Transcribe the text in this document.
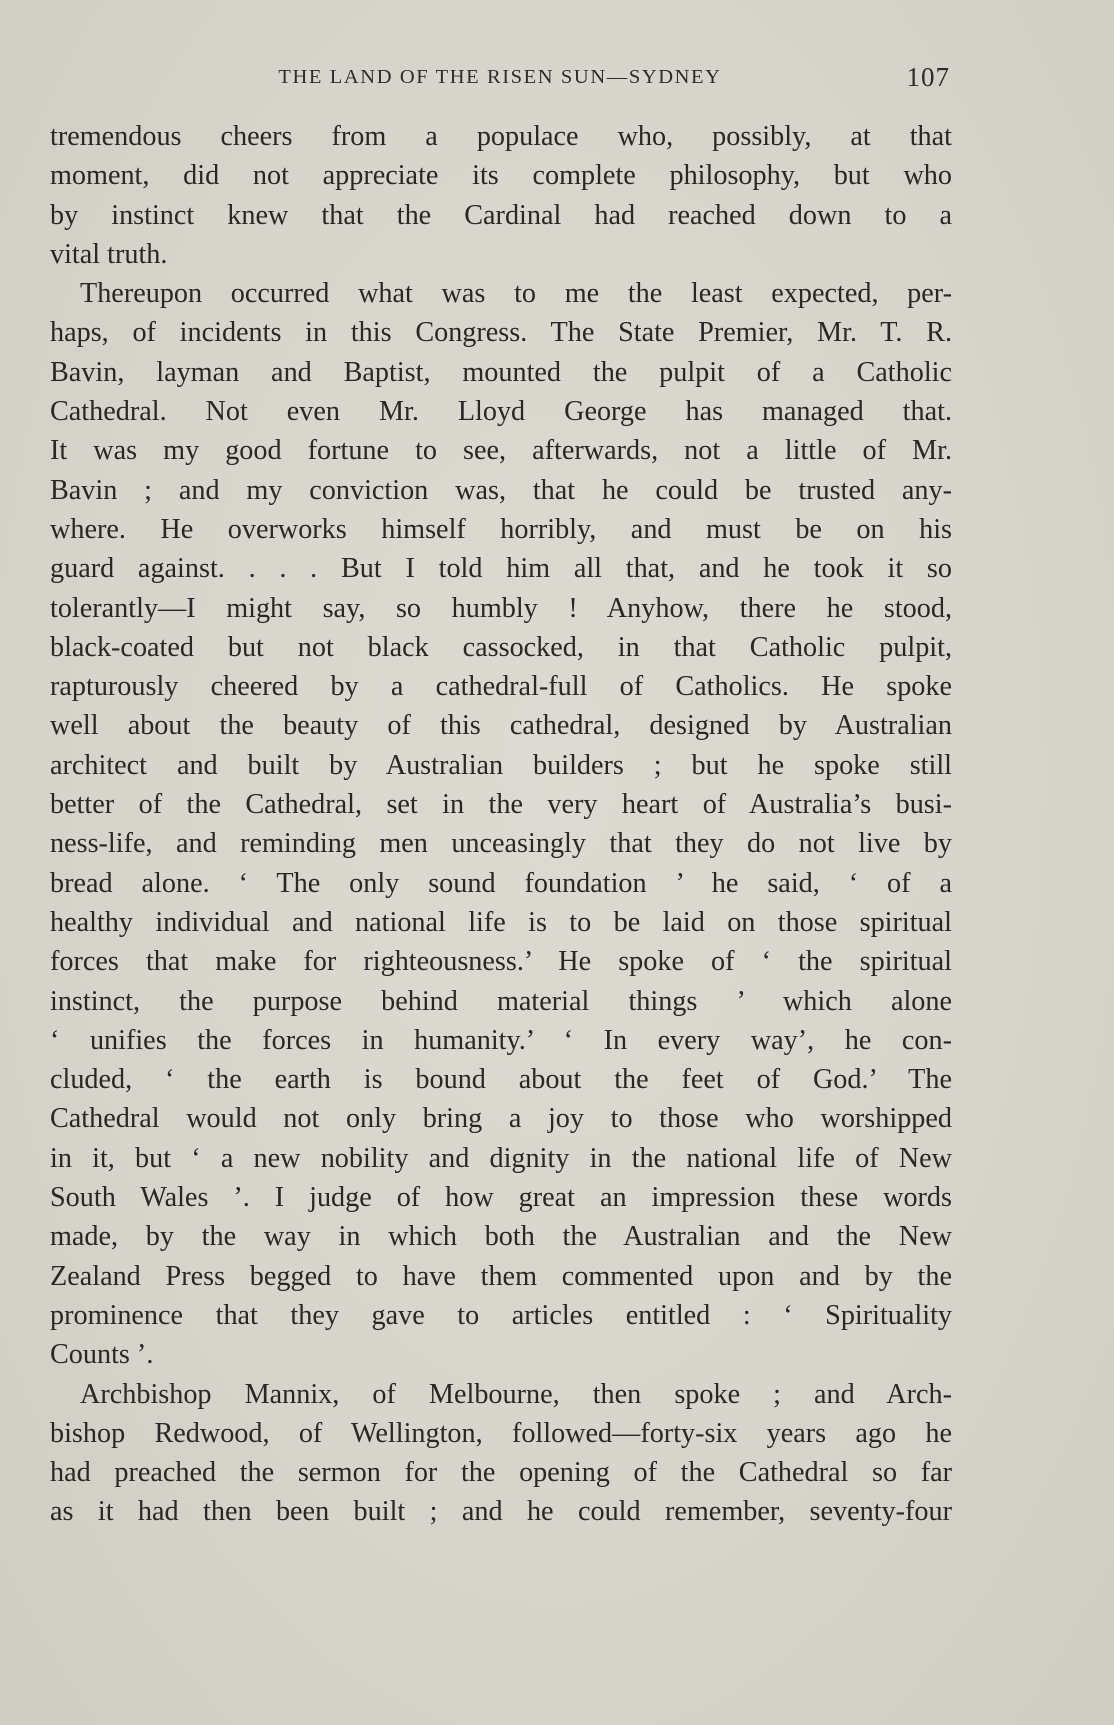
THE LAND OF THE RISEN SUN—SYDNEY	107
tremendous cheers from a populace who, possibly, at that
moment, did not appreciate its complete philosophy, but who
by instinct knew that the Cardinal had reached down to a
vital truth.
Thereupon occurred what was to me the least expected, per-
haps, of incidents in this Congress. The State Premier, Mr. T. R.
Bavin, layman and Baptist, mounted the pulpit of a Catholic
Cathedral. Not even Mr. Lloyd George has managed that.
It was my good fortune to see, afterwards, not a little of Mr.
Bavin ; and my conviction was, that he could be trusted any-
where. He overworks himself horribly, and must be on his
guard against. . . . But I told him all that, and he took it so
tolerantly—I might say, so humbly ! Anyhow, there he stood,
black-coated but not black cassocked, in that Catholic pulpit,
rapturously cheered by a cathedral-full of Catholics. He spoke
well about the beauty of this cathedral, designed by Australian
architect and built by Australian builders ; but he spoke still
better of the Cathedral, set in the very heart of Australia’s busi-
ness-life, and reminding men unceasingly that they do not live by
bread alone. ‘ The only sound foundation ’ he said, ‘ of a
healthy individual and national life is to be laid on those spiritual
forces that make for righteousness.’ He spoke of ‘ the spiritual
instinct, the purpose behind material things ’ which alone
‘ unifies the forces in humanity.’ ‘ In every way’, he con-
cluded, ‘ the earth is bound about the feet of God.’ The
Cathedral would not only bring a joy to those who worshipped
in it, but ‘ a new nobility and dignity in the national life of New
South Wales ’. I judge of how great an impression these words
made, by the way in which both the Australian and the New
Zealand Press begged to have them commented upon and by the
prominence that they gave to articles entitled : ‘ Spirituality
Counts ’.
Archbishop Mannix, of Melbourne, then spoke ; and Arch-
bishop Redwood, of Wellington, followed—forty-six years ago he
had preached the sermon for the opening of the Cathedral so far
as it had then been built ; and he could remember, seventy-four
